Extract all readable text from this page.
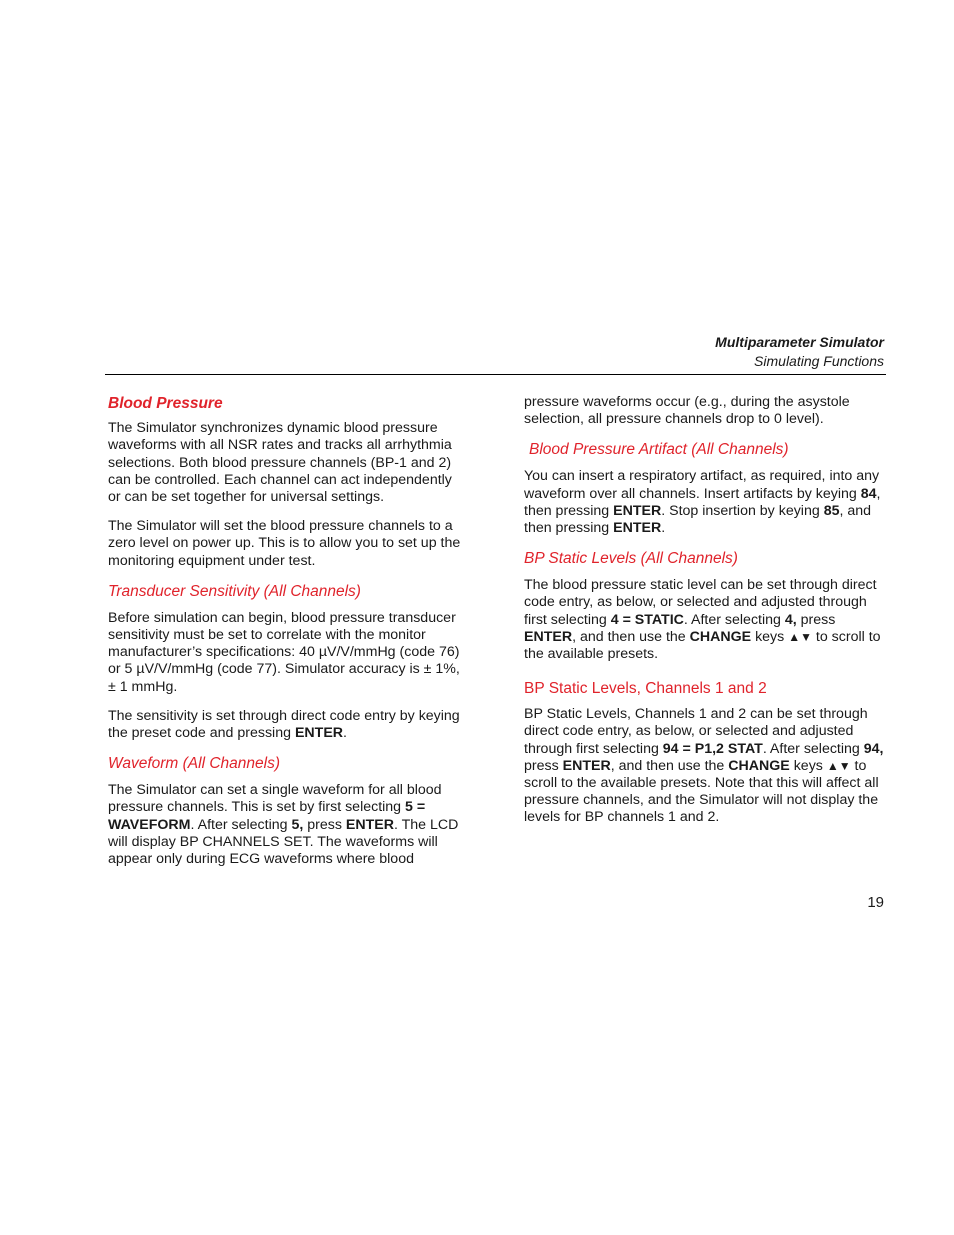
Multiparameter Simulator
Simulating Functions
Blood Pressure

The Simulator synchronizes dynamic blood pressure waveforms with all NSR rates and tracks all arrhythmia selections. Both blood pressure channels (BP-1 and 2) can be controlled. Each channel can act independently or can be set together for universal settings.

The Simulator will set the blood pressure channels to a zero level on power up. This is to allow you to set up the monitoring equipment under test.

Transducer Sensitivity (All Channels)

Before simulation can begin, blood pressure transducer sensitivity must be set to correlate with the monitor manufacturer’s specifications: 40 µV/V/mmHg (code 76) or 5 µV/V/mmHg (code 77). Simulator accuracy is ± 1%, ± 1 mmHg.

The sensitivity is set through direct code entry by keying the preset code and pressing ENTER.

Waveform (All Channels)

The Simulator can set a single waveform for all blood pressure channels. This is set by first selecting 5 = WAVEFORM. After selecting 5, press ENTER. The LCD will display BP CHANNELS SET. The waveforms will appear only during ECG waveforms where blood

pressure waveforms occur (e.g., during the asystole selection, all pressure channels drop to 0 level).

Blood Pressure Artifact (All Channels)

You can insert a respiratory artifact, as required, into any waveform over all channels. Insert artifacts by keying 84, then pressing ENTER. Stop insertion by keying 85, and then pressing ENTER.

BP Static Levels (All Channels)

The blood pressure static level can be set through direct code entry, as below, or selected and adjusted through first selecting 4 = STATIC. After selecting 4, press ENTER, and then use the CHANGE keys ▲▼ to scroll to the available presets.

BP Static Levels, Channels 1 and 2

BP Static Levels, Channels 1 and 2 can be set through direct code entry, as below, or selected and adjusted through first selecting 94 = P1,2 STAT. After selecting 94, press ENTER, and then use the CHANGE keys ▲▼ to scroll to the available presets. Note that this will affect all pressure channels, and the Simulator will not display the levels for BP channels 1 and 2.

19
